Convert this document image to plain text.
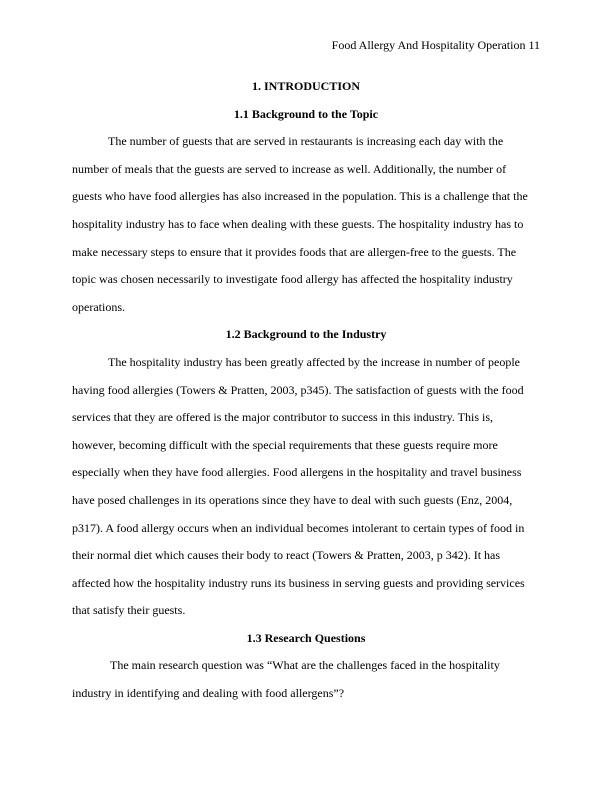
Food Allergy And Hospitality Operation 11

1. INTRODUCTION

1.1 Background to the Topic

The number of guests that are served in restaurants is increasing each day with the
number of meals that the guests are served to increase as well. Additionally, the number of
guests who have food allergies has also increased in the population. This is a challenge that the
hospitality industry has to face when dealing with these guests. The hospitality industry has to
make necessary steps to ensure that it provides foods that are allergen-free to the guests. The
topic was chosen necessarily to investigate food allergy has affected the hospitality industry
operations.

1.2 Background to the Industry

The hospitality industry has been greatly affected by the increase in number of people
having food allergies (Towers & Pratten, 2003, p345). The satisfaction of guests with the food
services that they are offered is the major contributor to success in this industry. This is,
however, becoming difficult with the special requirements that these guests require more
especially when they have food allergies. Food allergens in the hospitality and travel business
have posed challenges in its operations since they have to deal with such guests (Enz, 2004,
p317). A food allergy occurs when an individual becomes intolerant to certain types of food in
their normal diet which causes their body to react (Towers & Pratten, 2003, p 342). It has
affected how the hospitality industry runs its business in serving guests and providing services
that satisfy their guests.

1.3 Research Questions

The main research question was “What are the challenges faced in the hospitality
industry in identifying and dealing with food allergens”?
